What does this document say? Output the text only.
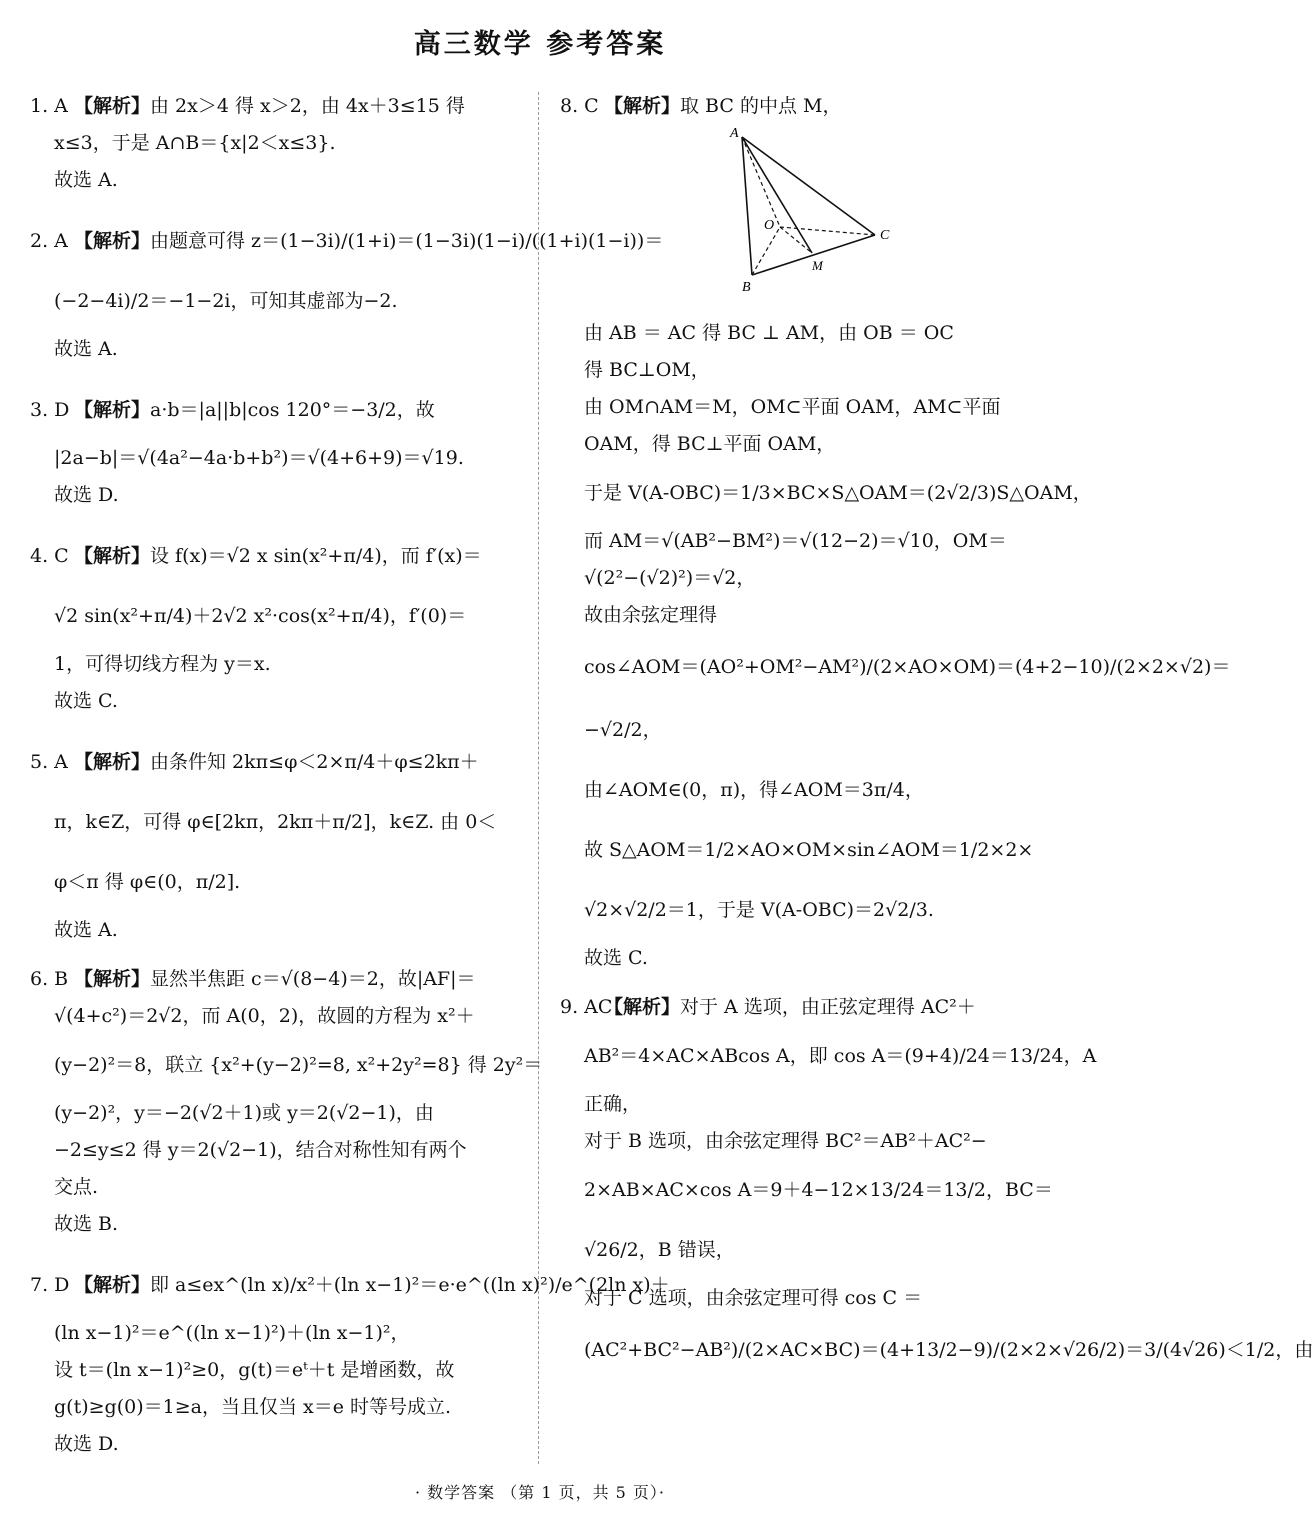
高三数学 参考答案
1. A 【解析】由 2x＞4 得 x＞2，由 4x＋3≤15 得
x≤3，于是 A∩B＝{x|2＜x≤3}.
故选 A.
2. A 【解析】由题意可得 z＝(1−3i)/(1+i)＝(1−3i)(1−i)/((1+i)(1−i))＝
(−2−4i)/2＝−1−2i，可知其虚部为−2.
故选 A.
3. D 【解析】a·b＝|a||b|cos 120°＝−3/2，故
|2a−b|＝√(4a²−4a·b+b²)＝√(4+6+9)＝√19.
故选 D.
4. C 【解析】设 f(x)＝√2 x sin(x²+π/4)，而 f′(x)＝
√2 sin(x²+π/4)＋2√2 x²·cos(x²+π/4)，f′(0)＝
1，可得切线方程为 y＝x.
故选 C.
5. A 【解析】由条件知 2kπ≤φ＜2×π/4＋φ≤2kπ＋
π，k∈Z，可得 φ∈[2kπ，2kπ＋π/2]，k∈Z. 由 0＜
φ＜π 得 φ∈(0，π/2].
故选 A.
6. B 【解析】显然半焦距 c＝√(8−4)＝2，故|AF|＝
√(4+c²)＝2√2，而 A(0，2)，故圆的方程为 x²＋
(y−2)²＝8，联立 {x²+(y−2)²=8, x²+2y²=8} 得 2y²＝
(y−2)²，y＝−2(√2＋1)或 y＝2(√2−1)，由
−2≤y≤2 得 y＝2(√2−1)，结合对称性知有两个
交点.
故选 B.
7. D 【解析】即 a≤ex^(ln x)/x²＋(ln x−1)²＝e·e^((ln x)²)/e^(2ln x)＋
(ln x−1)²＝e^((ln x−1)²)＋(ln x−1)²，
设 t＝(ln x−1)²≥0，g(t)＝eᵗ＋t 是增函数，故
g(t)≥g(0)＝1≥a，当且仅当 x＝e 时等号成立.
故选 D.
8. C 【解析】取 BC 的中点 M，
A
B
C
O
M
由 AB ＝ AC 得 BC ⊥ AM，由 OB ＝ OC
得 BC⊥OM，
由 OM∩AM＝M，OM⊂平面 OAM，AM⊂平面
OAM，得 BC⊥平面 OAM，
于是 V(A-OBC)＝1/3×BC×S△OAM＝(2√2/3)S△OAM，
而 AM＝√(AB²−BM²)＝√(12−2)＝√10，OM＝
√(2²−(√2)²)＝√2，
故由余弦定理得
cos∠AOM＝(AO²+OM²−AM²)/(2×AO×OM)＝(4+2−10)/(2×2×√2)＝
−√2/2，
由∠AOM∈(0，π)，得∠AOM＝3π/4，
故 S△AOM＝1/2×AO×OM×sin∠AOM＝1/2×2×
√2×√2/2＝1，于是 V(A-OBC)＝2√2/3.
故选 C.
9. AC【解析】对于 A 选项，由正弦定理得 AC²＋
AB²＝4×AC×ABcos A，即 cos A＝(9+4)/24＝13/24，A
正确，
对于 B 选项，由余弦定理得 BC²＝AB²＋AC²−
2×AB×AC×cos A＝9＋4−12×13/24＝13/2，BC＝
√26/2，B 错误，
对于 C 选项，由余弦定理可得 cos C ＝
(AC²+BC²−AB²)/(2×AC×BC)＝(4+13/2−9)/(2×2×√26/2)＝3/(4√26)＜1/2，由
· 数学答案 （第 1 页，共 5 页）·
